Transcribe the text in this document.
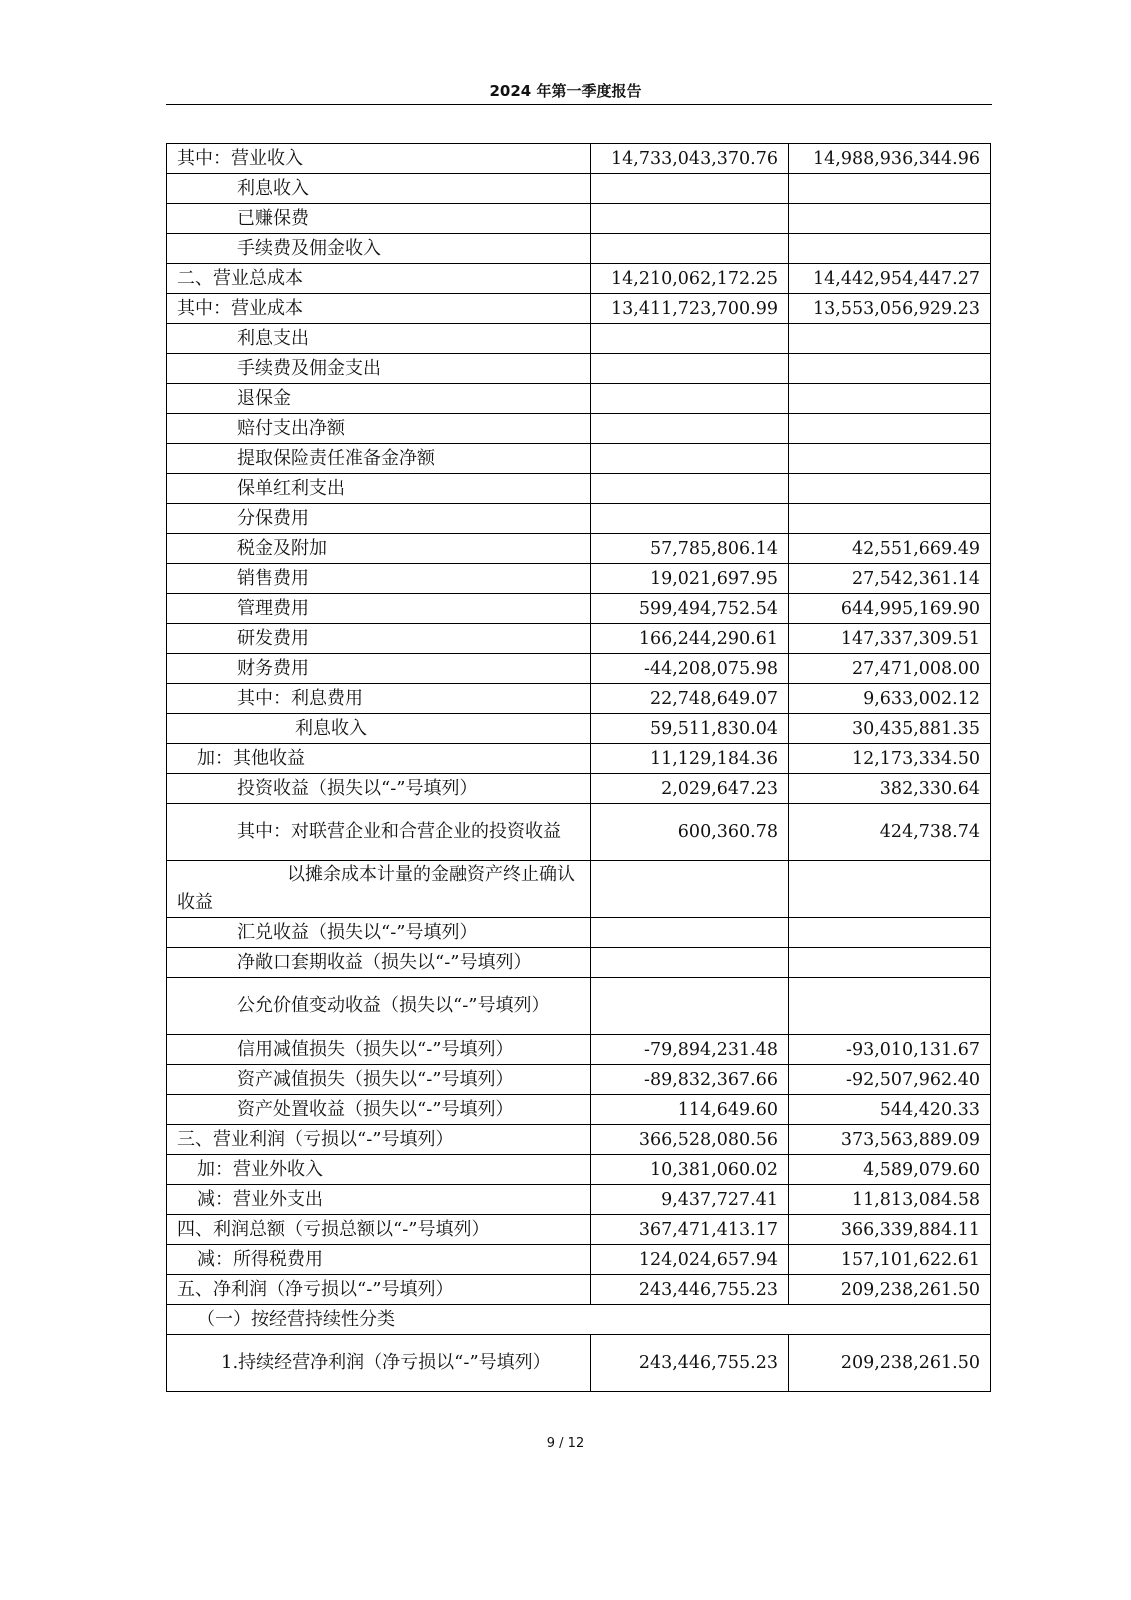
2024 年第一季度报告
其中：营业收入	14,733,043,370.76	14,988,936,344.96
利息收入		
已赚保费		
手续费及佣金收入		
二、营业总成本	14,210,062,172.25	14,442,954,447.27
其中：营业成本	13,411,723,700.99	13,553,056,929.23
利息支出		
手续费及佣金支出		
退保金		
赔付支出净额		
提取保险责任准备金净额		
保单红利支出		
分保费用		
税金及附加	57,785,806.14	42,551,669.49
销售费用	19,021,697.95	27,542,361.14
管理费用	599,494,752.54	644,995,169.90
研发费用	166,244,290.61	147,337,309.51
财务费用	-44,208,075.98	27,471,008.00
其中：利息费用	22,748,649.07	9,633,002.12
利息收入	59,511,830.04	30,435,881.35
加：其他收益	11,129,184.36	12,173,334.50
投资收益（损失以“-”号填列）	2,029,647.23	382,330.64
其中：对联营企业和合营企业的投资收益	600,360.78	424,738.74
以摊余成本计量的金融资产终止确认收益		
汇兑收益（损失以“-”号填列）		
净敞口套期收益（损失以“-”号填列）		
公允价值变动收益（损失以“-”号填列）		
信用减值损失（损失以“-”号填列）	-79,894,231.48	-93,010,131.67
资产减值损失（损失以“-”号填列）	-89,832,367.66	-92,507,962.40
资产处置收益（损失以“-”号填列）	114,649.60	544,420.33
三、营业利润（亏损以“-”号填列）	366,528,080.56	373,563,889.09
加：营业外收入	10,381,060.02	4,589,079.60
减：营业外支出	9,437,727.41	11,813,084.58
四、利润总额（亏损总额以“-”号填列）	367,471,413.17	366,339,884.11
减：所得税费用	124,024,657.94	157,101,622.61
五、净利润（净亏损以“-”号填列）	243,446,755.23	209,238,261.50
（一）按经营持续性分类		
1.持续经营净利润（净亏损以“-”号填列）	243,446,755.23	209,238,261.50
9 / 12
